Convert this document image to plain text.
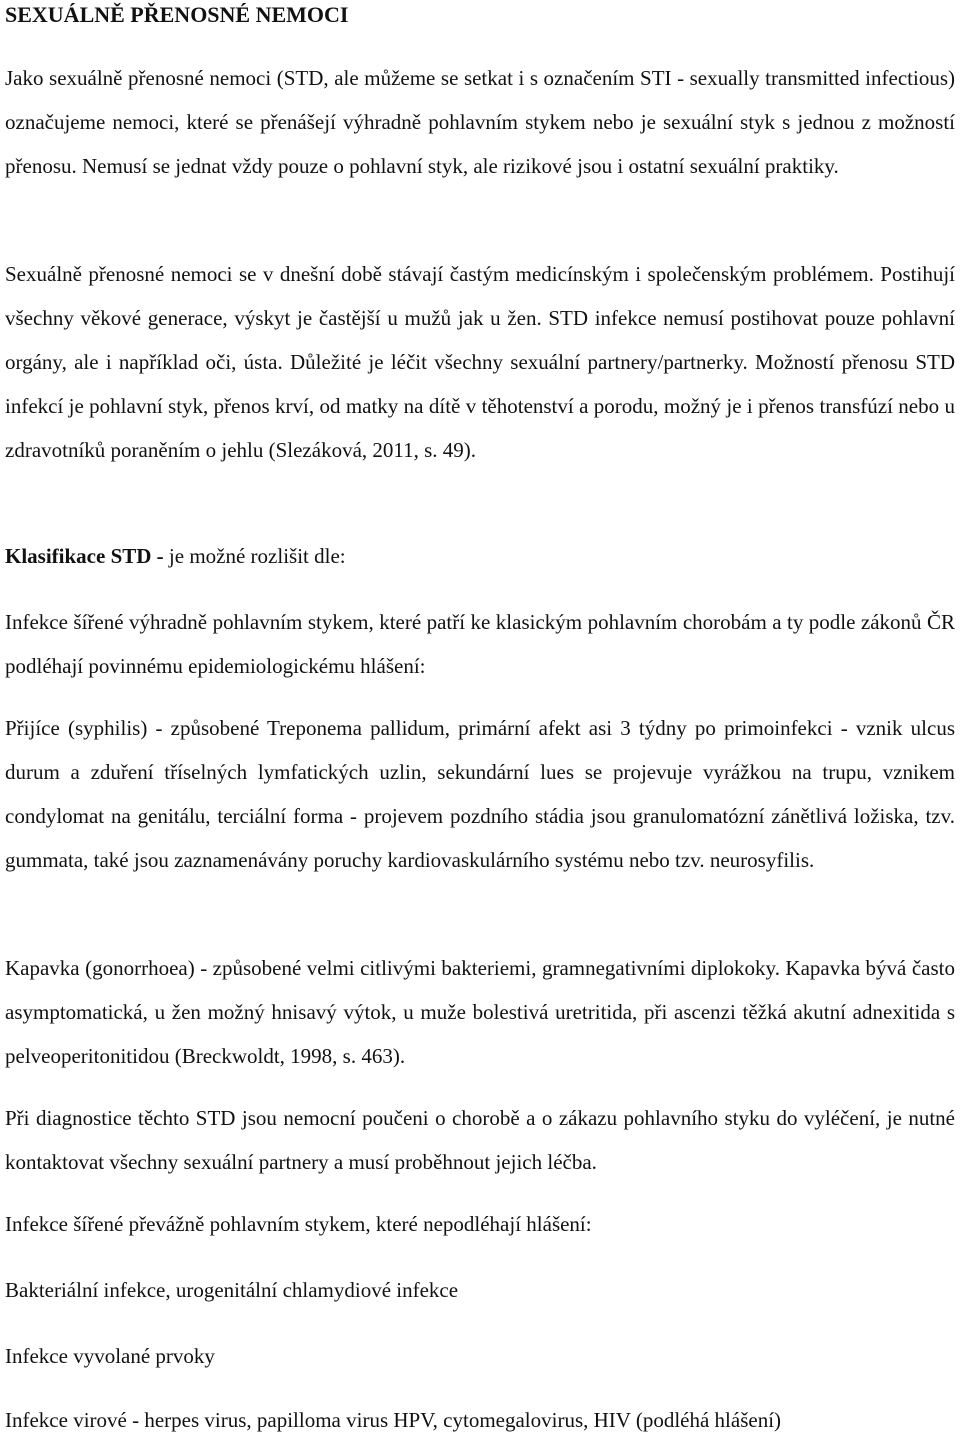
SEXUÁLNĚ PŘENOSNÉ NEMOCI

Jako sexuálně přenosné nemoci (STD, ale můžeme se setkat i s označením STI - sexually transmitted infectious) označujeme nemoci, které se přenášejí výhradně pohlavním stykem nebo je sexuální styk s jednou z možností přenosu. Nemusí se jednat vždy pouze o pohlavní styk, ale rizikové jsou i ostatní sexuální praktiky.

Sexuálně přenosné nemoci se v dnešní době stávají častým medicínským i společenským problémem. Postihují všechny věkové generace, výskyt je častější u mužů jak u žen. STD infekce nemusí postihovat pouze pohlavní orgány, ale i například oči, ústa. Důležité je léčit všechny sexuální partnery/partnerky. Možností přenosu STD infekcí je pohlavní styk, přenos krví, od matky na dítě v těhotenství a porodu, možný je i přenos transfúzí nebo u zdravotníků poraněním o jehlu (Slezáková, 2011, s. 49).

Klasifikace STD - je možné rozlišit dle:

Infekce šířené výhradně pohlavním stykem, které patří ke klasickým pohlavním chorobám a ty podle zákonů ČR podléhají povinnému epidemiologickému hlášení:

Přijíce (syphilis) - způsobené Treponema pallidum, primární afekt asi 3 týdny po primoinfekci - vznik ulcus durum a zduření tříselných lymfatických uzlin, sekundární lues se projevuje vyrážkou na trupu, vznikem condylomat na genitálu, terciální forma - projevem pozdního stádia jsou granulomatózní zánětlivá ložiska, tzv. gummata, také jsou zaznamenávány poruchy kardiovaskulárního systému nebo tzv. neurosyfilis.

Kapavka (gonorrhoea) - způsobené velmi citlivými bakteriemi, gramnegativními diplokoky. Kapavka bývá často asymptomatická, u žen možný hnisavý výtok, u muže bolestivá uretritida, při ascenzi těžká akutní adnexitida s pelveoperitonitidou (Breckwoldt, 1998, s. 463).

Při diagnostice těchto STD jsou nemocní poučeni o chorobě a o zákazu pohlavního styku do vyléčení, je nutné kontaktovat všechny sexuální partnery a musí proběhnout jejich léčba.

Infekce šířené převážně pohlavním stykem, které nepodléhají hlášení:

Bakteriální infekce, urogenitální chlamydiové infekce

Infekce vyvolané prvoky

Infekce virové - herpes virus, papilloma virus HPV, cytomegalovirus, HIV (podléhá hlášení)
